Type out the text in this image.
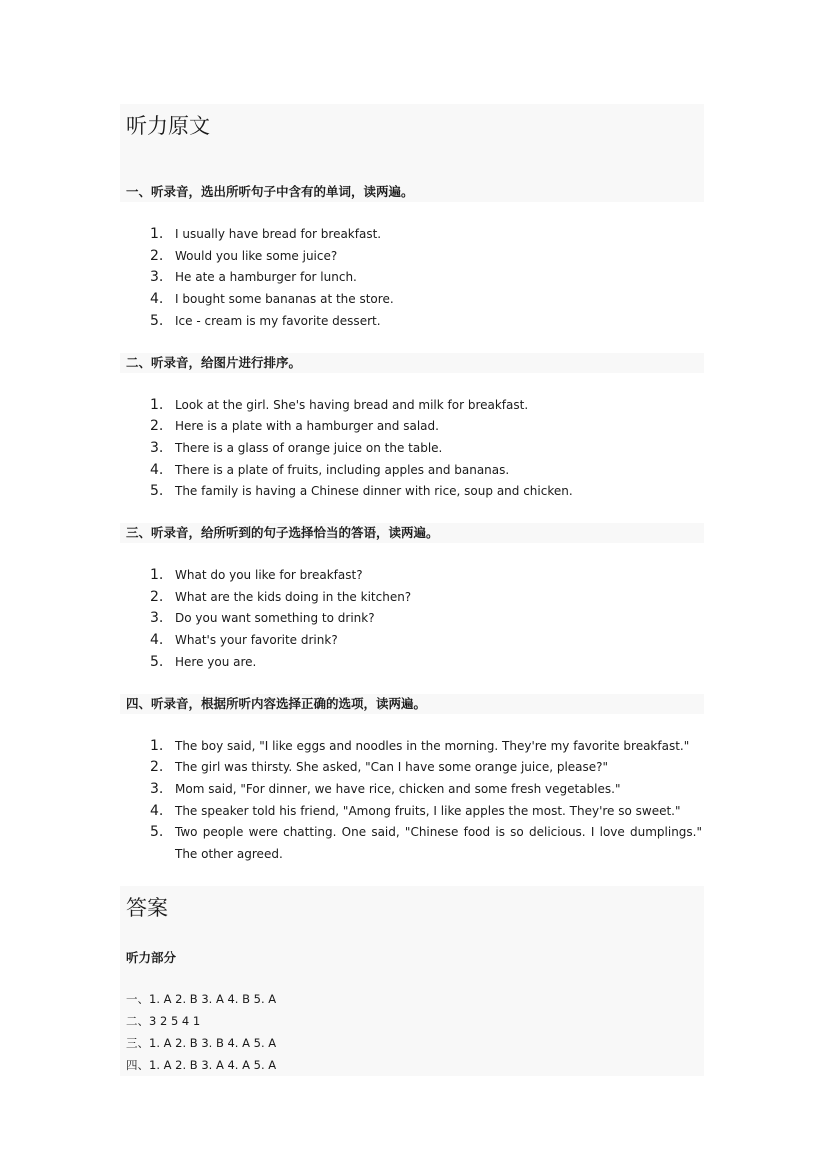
听力原文
一、听录音，选出所听句子中含有的单词，读两遍。
1. I usually have bread for breakfast.
2. Would you like some juice?
3. He ate a hamburger for lunch.
4. I bought some bananas at the store.
5. Ice - cream is my favorite dessert.
二、听录音，给图片进行排序。
1. Look at the girl. She's having bread and milk for breakfast.
2. Here is a plate with a hamburger and salad.
3. There is a glass of orange juice on the table.
4. There is a plate of fruits, including apples and bananas.
5. The family is having a Chinese dinner with rice, soup and chicken.
三、听录音，给所听到的句子选择恰当的答语，读两遍。
1. What do you like for breakfast?
2. What are the kids doing in the kitchen?
3. Do you want something to drink?
4. What's your favorite drink?
5. Here you are.
四、听录音，根据所听内容选择正确的选项，读两遍。
1. The boy said, "I like eggs and noodles in the morning. They're my favorite breakfast."
2. The girl was thirsty. She asked, "Can I have some orange juice, please?"
3. Mom said, "For dinner, we have rice, chicken and some fresh vegetables."
4. The speaker told his friend, "Among fruits, I like apples the most. They're so sweet."
5. Two people were chatting. One said, "Chinese food is so delicious. I love dumplings." The other agreed.
答案
听力部分
一、1. A 2. B 3. A 4. B 5. A
二、3 2 5 4 1
三、1. A 2. B 3. B 4. A 5. A
四、1. A 2. B 3. A 4. A 5. A
